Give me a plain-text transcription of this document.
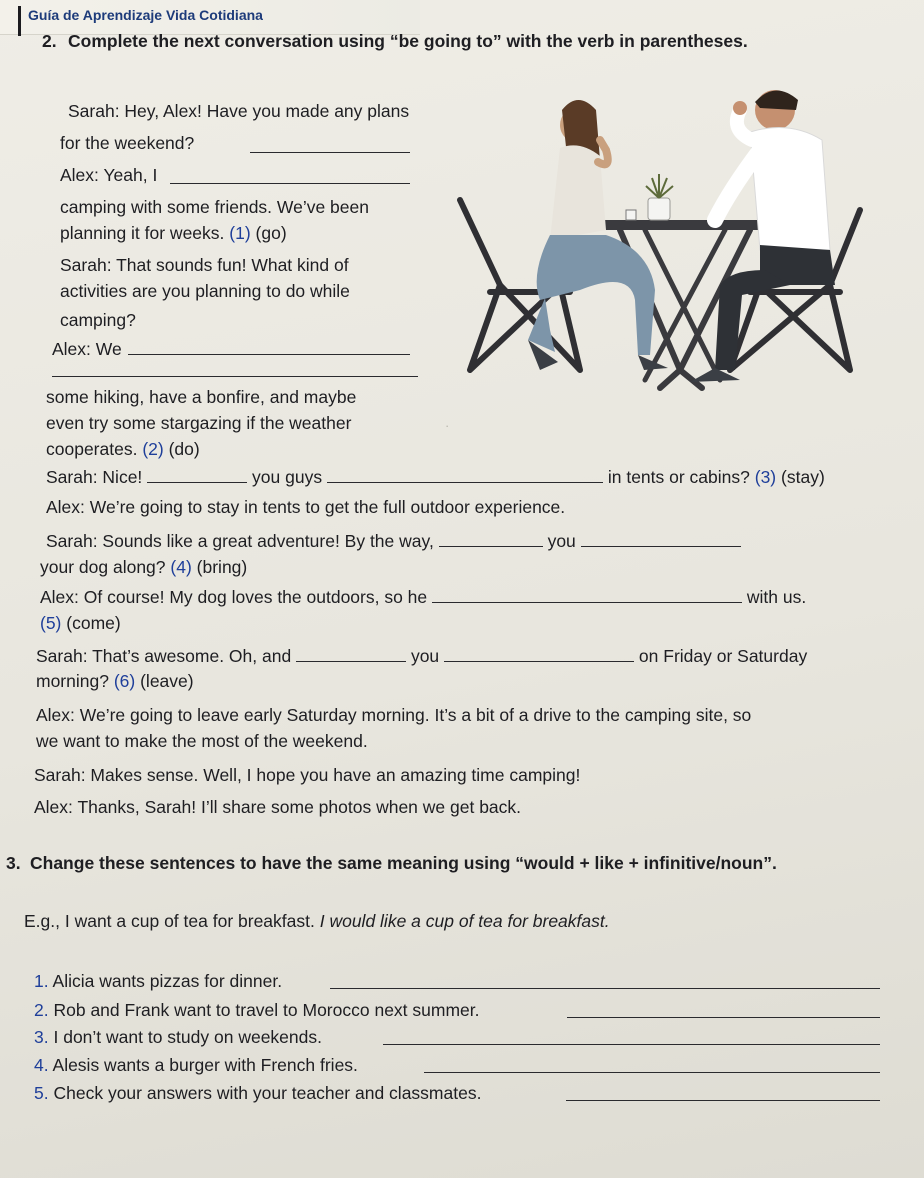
Guía de Aprendizaje Vida Cotidiana
·
2. Complete the next conversation using “be going to” with the verb in parentheses.
Sarah: Hey, Alex! Have you made any plans
for the weekend?
Alex: Yeah, I
camping with some friends. We’ve been
planning it for weeks. (1) (go)
Sarah: That sounds fun! What kind of
activities are you planning to do while
camping?
Alex: We
some hiking, have a bonfire, and maybe
even try some stargazing if the weather
cooperates. (2) (do)
Sarah: Nice!	you guys	in tents or cabins? (3) (stay)
Alex: We’re going to stay in tents to get the full outdoor experience.
Sarah: Sounds like a great adventure! By the way,	you
your dog along? (4) (bring)
Alex: Of course! My dog loves the outdoors, so he	with us.
(5) (come)
Sarah: That’s awesome. Oh, and	you	on Friday or Saturday
morning? (6) (leave)
Alex: We’re going to leave early Saturday morning. It’s a bit of a drive to the camping site, so
we want to make the most of the weekend.
Sarah: Makes sense. Well, I hope you have an amazing time camping!
Alex: Thanks, Sarah! I’ll share some photos when we get back.
3. Change these sentences to have the same meaning using “would + like + infinitive/noun”.
E.g., I want a cup of tea for breakfast. I would like a cup of tea for breakfast.
1. Alicia wants pizzas for dinner.
2. Rob and Frank want to travel to Morocco next summer.
3. I don’t want to study on weekends.
4. Alesis wants a burger with French fries.
5. Check your answers with your teacher and classmates.
